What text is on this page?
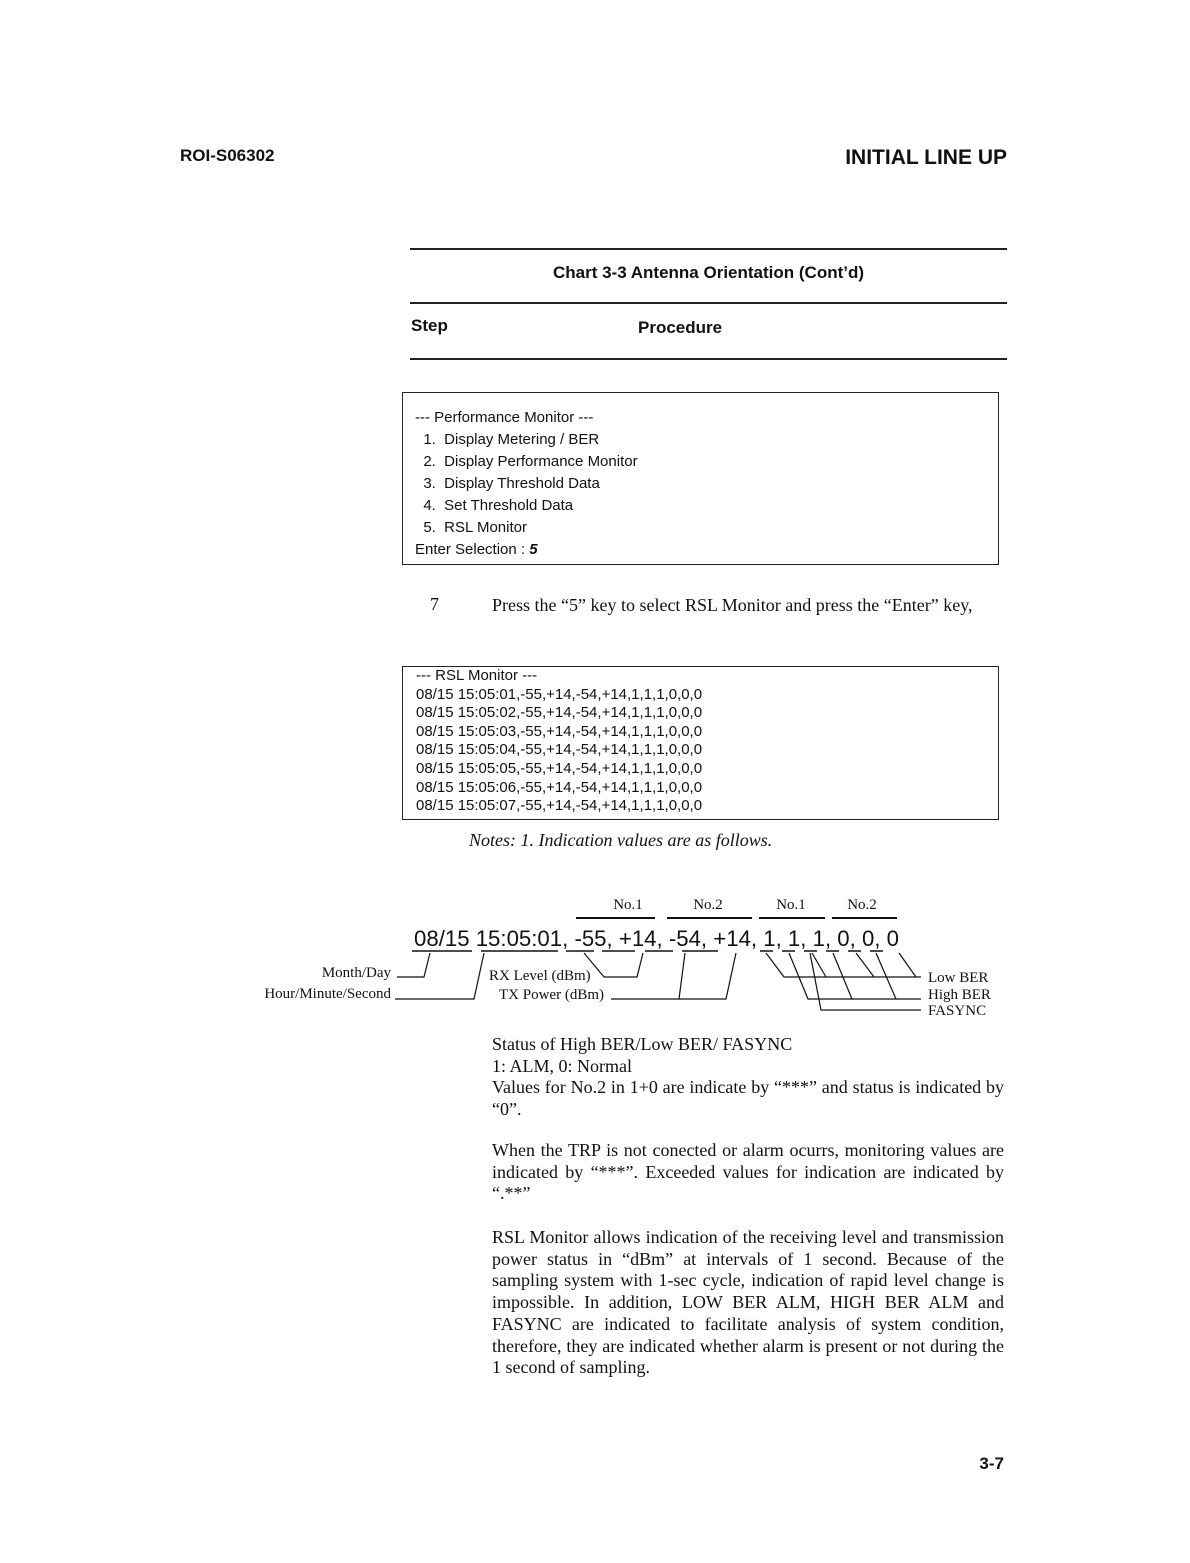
ROI-S06302	INITIAL LINE UP
Chart 3-3 Antenna Orientation (Cont’d)
Step	Procedure
--- Performance Monitor ---
1.  Display Metering / BER
2.  Display Performance Monitor
3.  Display Threshold Data
4.  Set Threshold Data
5.  RSL Monitor
Enter Selection : 5
7	Press the “5” key to select RSL Monitor and press the “Enter” key,
--- RSL Monitor ---
08/15 15:05:01,-55,+14,-54,+14,1,1,1,0,0,0
08/15 15:05:02,-55,+14,-54,+14,1,1,1,0,0,0
08/15 15:05:03,-55,+14,-54,+14,1,1,1,0,0,0
08/15 15:05:04,-55,+14,-54,+14,1,1,1,0,0,0
08/15 15:05:05,-55,+14,-54,+14,1,1,1,0,0,0
08/15 15:05:06,-55,+14,-54,+14,1,1,1,0,0,0
08/15 15:05:07,-55,+14,-54,+14,1,1,1,0,0,0
Notes: 1. Indication values are as follows.
No.1	No.2	No.1	No.2
08/15 15:05:01, -55, +14, -54, +14, 1, 1, 1, 0, 0, 0
Month/Day
Hour/Minute/Second
RX Level (dBm)
TX Power (dBm)
Low BER
High BER
FASYNC

Status of High BER/Low BER/ FASYNC

1: ALM, 0: Normal

Values for No.2 in 1+0 are indicate by “***” and status is indicated by “0”.

When the TRP is not conected or alarm ocurrs, monitoring values are indicated by “***”. Exceeded values for indication are indicated by “.**”
RSL Monitor allows indication of the receiving level and transmission power status in “dBm” at intervals of 1 second. Because of the sampling system with 1-sec cycle, indication of rapid level change is impossible. In addition, LOW BER ALM, HIGH BER ALM and FASYNC are indicated to facilitate analysis of system condition, therefore, they are indicated whether alarm is present or not during the 1 second of sampling.
3-7
